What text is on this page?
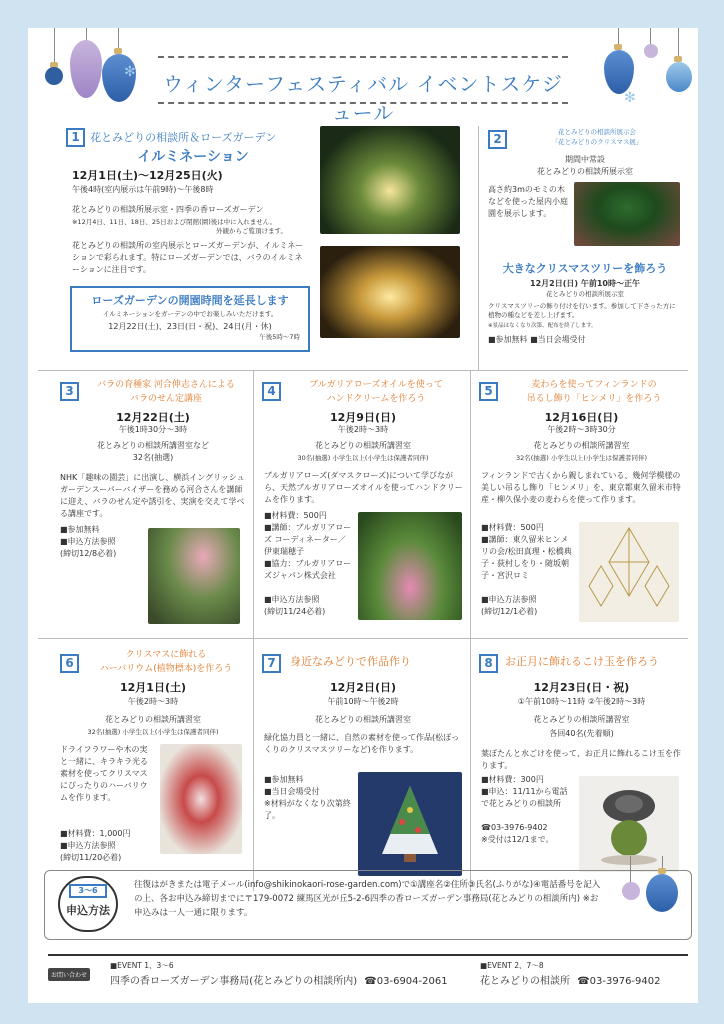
ウィンターフェスティバル イベントスケジュール
✻
✻
1 花とみどりの相談所＆ローズガーデン
イルミネーション
12月1日(土)～12月25日(火)
午後4時(室内展示は午前9時)～午後8時
花とみどりの相談所展示室・四季の香ローズガーデン
※12月4日、11日、18日、25日および閉館(園)後は中に入れません。
外観からご覧頂けます。
花とみどりの相談所の室内展示とローズガーデンが、イルミネーションで彩られます。特にローズガーデンでは、バラのイルミネーションに注目です。
ローズガーデンの開園時間を延長します
イルミネーションをガーデンの中でお楽しみいただけます。
12月22日(土)、23日(日・祝)、24日(月・休)
午後5時～7時
2	花とみどりの相談所展示会
「花とみどりのクリスマス展」
期間中常設
花とみどりの相談所展示室
高さ約3mのモミの木などを使った屋内小庭園を展示します。
大きなクリスマスツリーを飾ろう
12月2日(日) 午前10時～正午
花とみどりの相談所展示室
クリスマスツリーの飾り付けを行います。参加して下さった方に植物の種などを差し上げます。
※景品はなくなり次第、配布を終了します。
■参加無料 ■当日会場受付
3	バラの育種家 河合伸志さんによる
バラのせん定講座
12月22日(土)
午後1時30分～3時
花とみどりの相談所講習室など
32名(抽選)
NHK「趣味の園芸」に出演し、横浜イングリッシュガーデンスーパーバイザーを務める河合さんを講師に迎え、バラのせん定や誘引を、実演を交えて学べる講座です。
■参加無料
■申込方法参照
(締切12/8必着)
4	ブルガリアローズオイルを使って
ハンドクリームを作ろう
12月9日(日)
午後2時～3時
花とみどりの相談所講習室
30名(抽選) 小学生以上(小学生は保護者同伴)
ブルガリアローズ(ダマスクローズ)について学びながら、天然ブルガリアローズオイルを使ってハンドクリームを作ります。
■材料費：500円
■講師：ブルガリアローズ コーディネーター／伊東瑞穂子
■協力：ブルガリアローズジャパン株式会社
■申込方法参照
(締切11/24必着)
5	麦わらを使ってフィンランドの
吊るし飾り「ヒンメリ」を作ろう
12月16日(日)
午後2時～3時30分
花とみどりの相談所講習室
32名(抽選) 小学生以上(小学生は保護者同伴)
フィンランドで古くから親しまれている、幾何学模様の美しい吊るし飾り「ヒンメリ」を、東京都東久留米市特産・柳久保小麦の麦わらを使って作ります。
■材料費：500円
■講師：東久留米ヒンメリの会/松田真理・松橋典子・荻村しをり・随坂朝子・宮沢ロミ
■申込方法参照
(締切12/1必着)
6
クリスマスに飾れる
ハーバリウム(植物標本)を作ろう
12月1日(土)
午後2時～3時
花とみどりの相談所講習室
32名(抽選) 小学生以上(小学生は保護者同伴)
ドライフラワーや木の実と一緒に、キラキラ光る素材を使ってクリスマスにぴったりのハーバリウムを作ります。
■材料費：1,000円
■申込方法参照
(締切11/20必着)
7	身近なみどりで作品作り
12月2日(日)
午前10時～午後2時
花とみどりの相談所講習室
緑化協力員と一緒に、自然の素材を使って作品(松ぼっくりのクリスマスツリーなど)を作ります。
■参加無料
■当日会場受付
※材料がなくなり次第終了。
8	お正月に飾れるこけ玉を作ろう
12月23日(日・祝)
①午前10時～11時 ②午後2時～3時
花とみどりの相談所講習室
各回40名(先着順)
葉ぼたんと水ごけを使って、お正月に飾れるこけ玉を作ります。
■材料費：300円
■申込：11/11から電話で花とみどりの相談所
☎03-3976-9402
※受付は12/1まで。
3～6
申込方法
往復はがきまたは電子メール(info@shikinokaori-rose-garden.com)で①講座名②住所③氏名(ふりがな)④電話番号を記入の上、各お申込み締切までに〒179-0072 練馬区光が丘5-2-6四季の香ローズガーデン事務局(花とみどりの相談所内) ※お申込みは一人一通に限ります。
お問い合わせ
■EVENT 1、3～6
四季の香ローズガーデン事務局(花とみどりの相談所内) ☎03-6904-2061
■EVENT 2、7～8
花とみどりの相談所 ☎03-3976-9402
